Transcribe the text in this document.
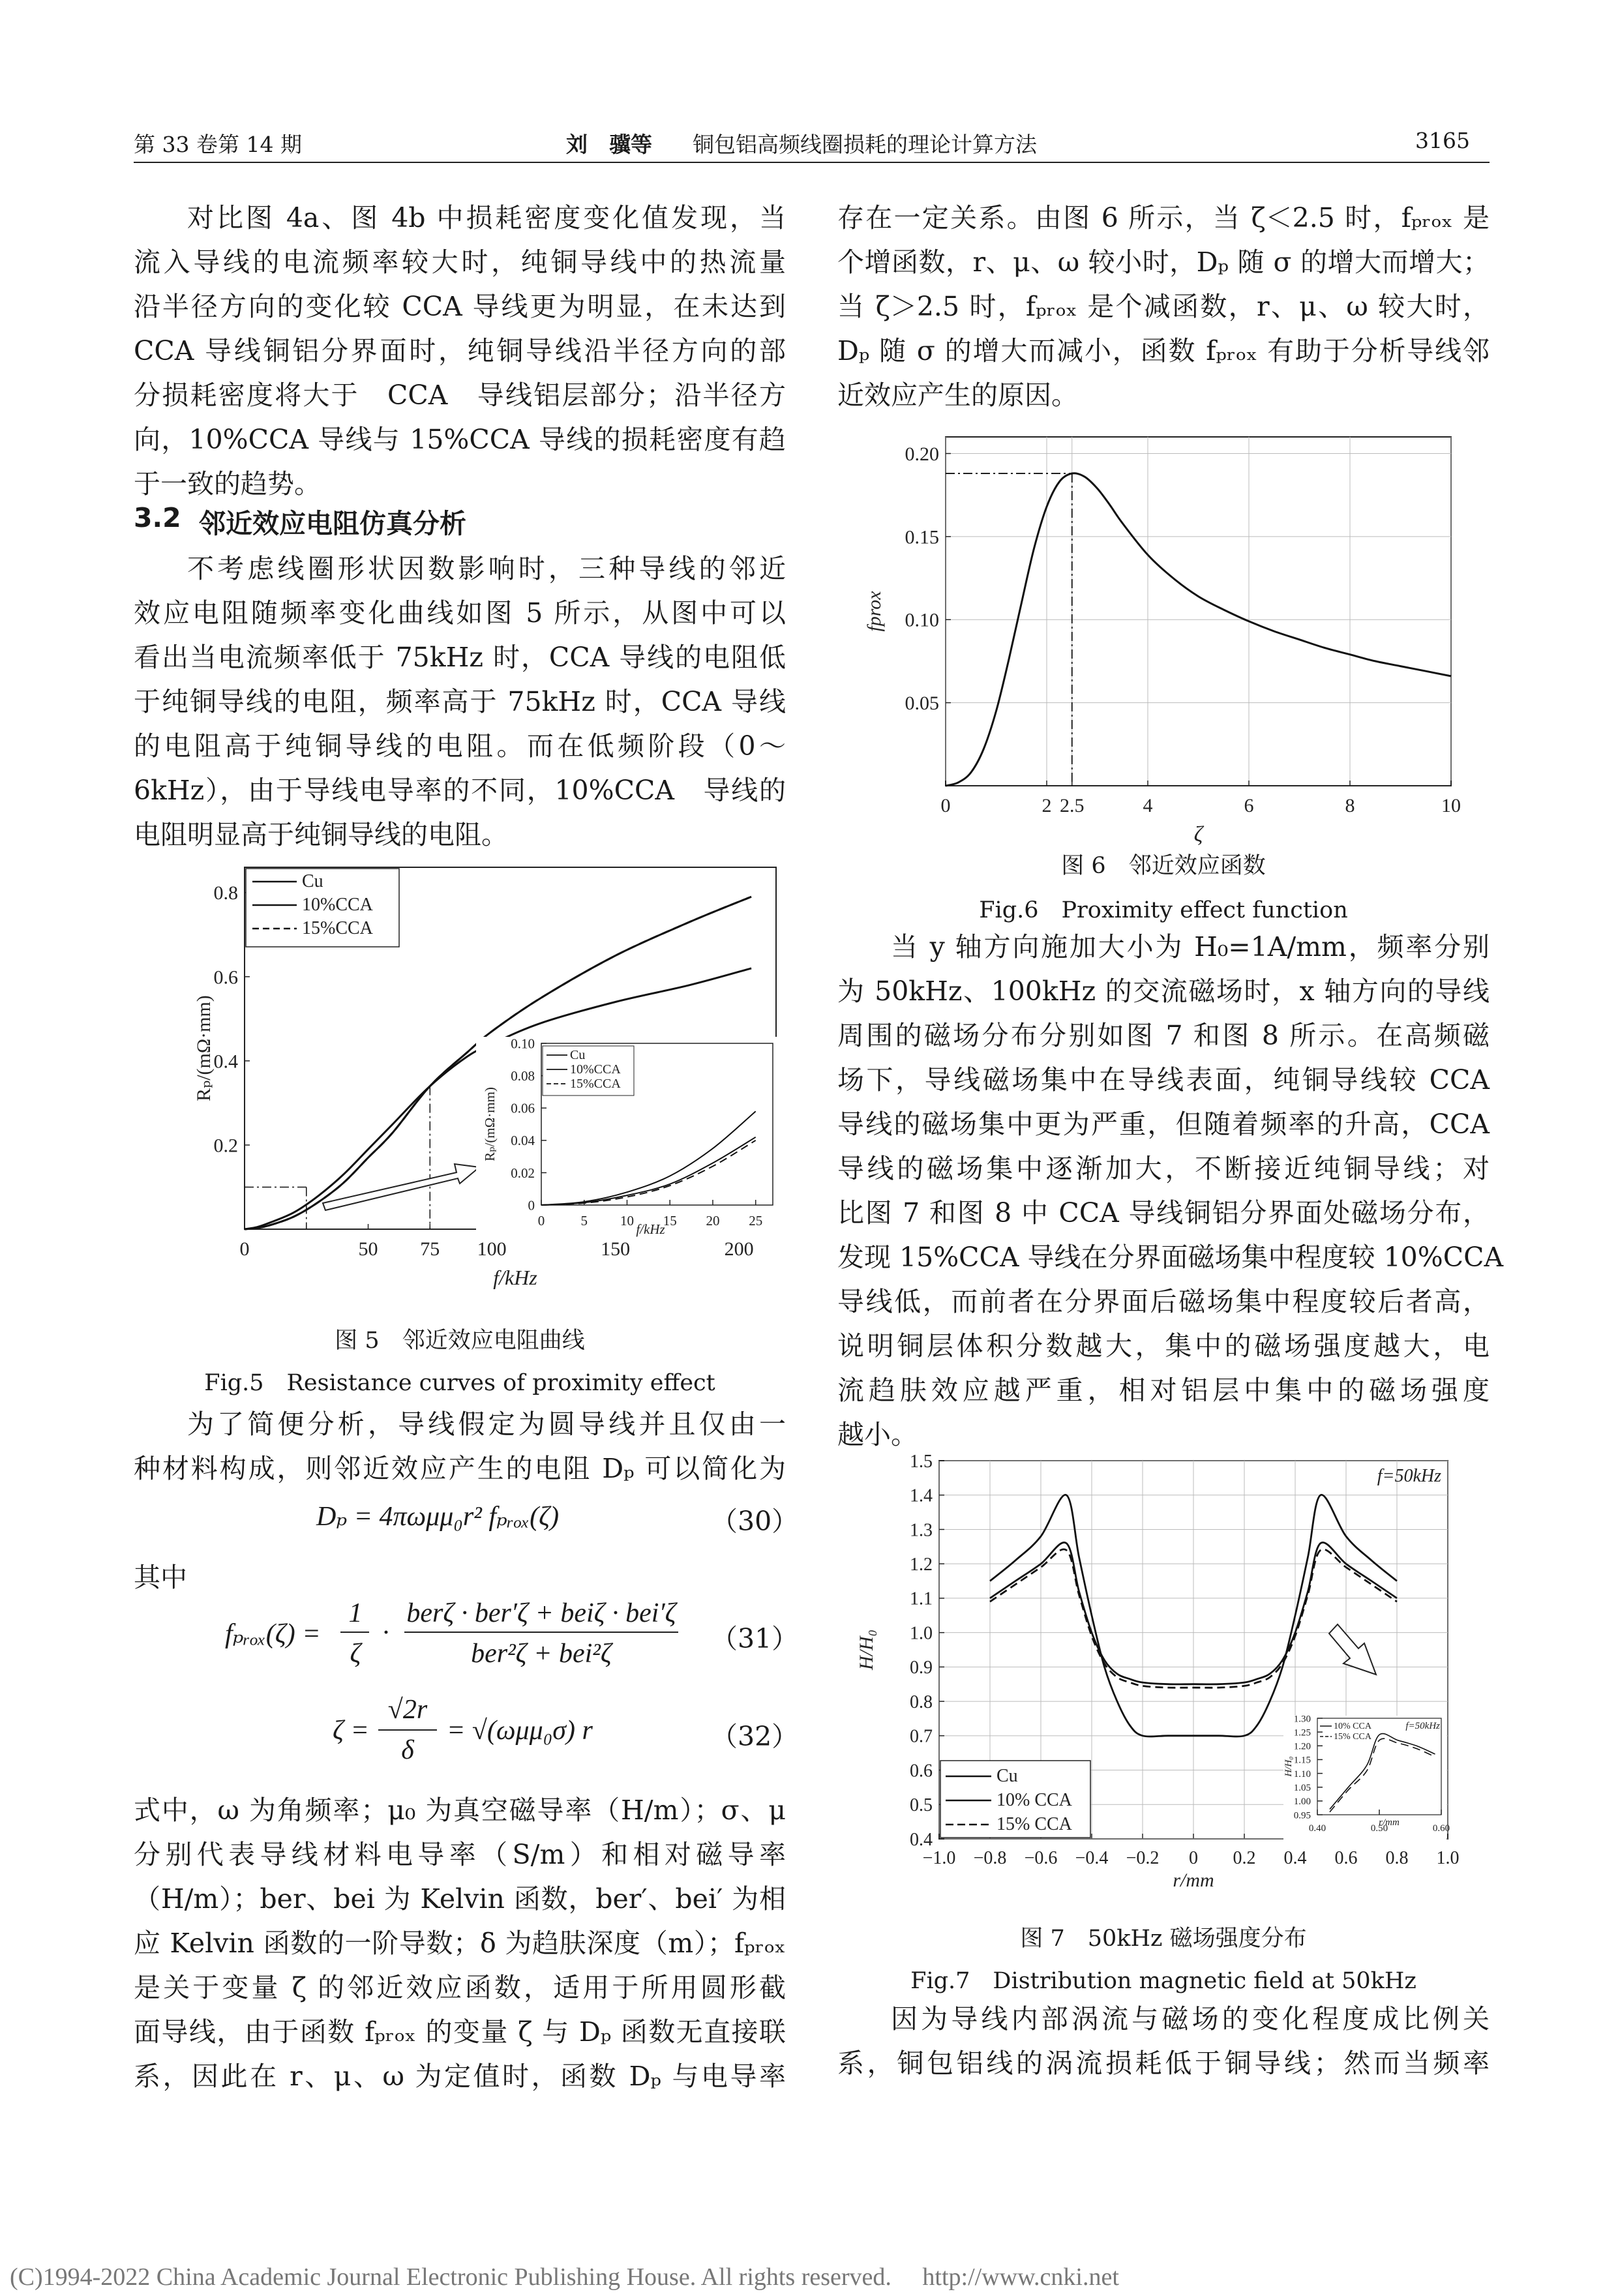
第 33 卷第 14 期	刘　骥等 铜包铝高频线圈损耗的理论计算方法	3165
对比图 4a、图 4b 中损耗密度变化值发现，当
流入导线的电流频率较大时，纯铜导线中的热流量
沿半径方向的变化较 CCA 导线更为明显，在未达到
CCA 导线铜铝分界面时，纯铜导线沿半径方向的部
分损耗密度将大于　CCA　导线铝层部分；沿半径方
向，10%CCA 导线与 15%CCA 导线的损耗密度有趋
于一致的趋势。
3.2 邻近效应电阻仿真分析
不考虑线圈形状因数影响时，三种导线的邻近
效应电阻随频率变化曲线如图 5 所示，从图中可以
看出当电流频率低于 75kHz 时，CCA 导线的电阻低
于纯铜导线的电阻，频率高于 75kHz 时，CCA 导线
的电阻高于纯铜导线的电阻。而在低频阶段（0～
6kHz），由于导线电导率的不同，10%CCA　导线的
电阻明显高于纯铜导线的电阻。
0	50 75 100	150	200
0.2
0.4
0.6
0.8
f/kHz
Rₚ/(mΩ·mm)
Cu
10%CCA
15%CCA
0	5 10 15 20 25
0
0.02
0.04
0.06
0.08
0.10
f/kHz
Rₚ/(mΩ·mm)
Cu
10%CCA
15%CCA
图 5　邻近效应电阻曲线
Fig.5　Resistance curves of proximity effect
为了简便分析，导线假定为圆导线并且仅由一
种材料构成，则邻近效应产生的电阻 Dₚ 可以简化为
Dₚ = 4πωμμ₀r² fₚᵣₒₓ(ζ)	（30）
其中
fₚᵣₒₓ(ζ) =
1
ζ
·
berζ · ber′ζ + beiζ · bei′ζ
ber²ζ + bei²ζ	（31）
ζ =
√2r
δ
= √(ωμμ₀σ) r	（32）
式中，ω 为角频率；μ₀ 为真空磁导率（H/m）；σ、μ
分别代表导线材料电导率（S/m）和相对磁导率
（H/m）；ber、bei 为 Kelvin 函数，ber′、bei′ 为相
应 Kelvin 函数的一阶导数；δ 为趋肤深度（m）；fₚᵣₒₓ
是关于变量 ζ 的邻近效应函数，适用于所用圆形截
面导线，由于函数 fₚᵣₒₓ 的变量 ζ 与 Dₚ 函数无直接联
系，因此在 r、μ、ω 为定值时，函数 Dₚ 与电导率
存在一定关系。由图 6 所示，当 ζ＜2.5 时，fₚᵣₒₓ 是
个增函数，r、μ、ω 较小时，Dₚ 随 σ 的增大而增大；
当 ζ＞2.5 时，fₚᵣₒₓ 是个减函数，r、μ、ω 较大时，
Dₚ 随 σ 的增大而减小，函数 fₚᵣₒₓ 有助于分析导线邻
近效应产生的原因。
0	2 2.5	4	6	8	10
0.05
0.10
0.15
0.20
ζ
fprox
图 6　邻近效应函数
Fig.6　Proximity effect function
当 y 轴方向施加大小为 H₀=1A/mm，频率分别
为 50kHz、100kHz 的交流磁场时，x 轴方向的导线
周围的磁场分布分别如图 7 和图 8 所示。在高频磁
场下，导线磁场集中在导线表面，纯铜导线较 CCA
导线的磁场集中更为严重，但随着频率的升高，CCA
导线的磁场集中逐渐加大，不断接近纯铜导线；对
比图 7 和图 8 中 CCA 导线铜铝分界面处磁场分布，
发现 15%CCA 导线在分界面磁场集中程度较 10%CCA
导线低，而前者在分界面后磁场集中程度较后者高，
说明铜层体积分数越大，集中的磁场强度越大，电
流趋肤效应越严重，相对铝层中集中的磁场强度
越小。
−1.0 −0.8 −0.6 −0.4 −0.2 0 0.2 0.4 0.6 0.8 1.0
0.4
0.5
0.6
0.7
0.8
0.9
1.0
1.1
1.2
1.3
1.4
1.5
f=50kHz
r/mm
H/H₀
Cu
10% CCA
15% CCA	0.40	0.50	0.60
0.95
1.00
1.05
1.10
1.15
1.20
1.25
1.30
r/mm
H/H₀
f=50kHz
10% CCA
15% CCA
图 7　50kHz 磁场强度分布
Fig.7　Distribution magnetic field at 50kHz
因为导线内部涡流与磁场的变化程度成比例关
系，铜包铝线的涡流损耗低于铜导线；然而当频率
(C)1994-2022 China Academic Journal Electronic Publishing House. All rights reserved.　 http://www.cnki.net
